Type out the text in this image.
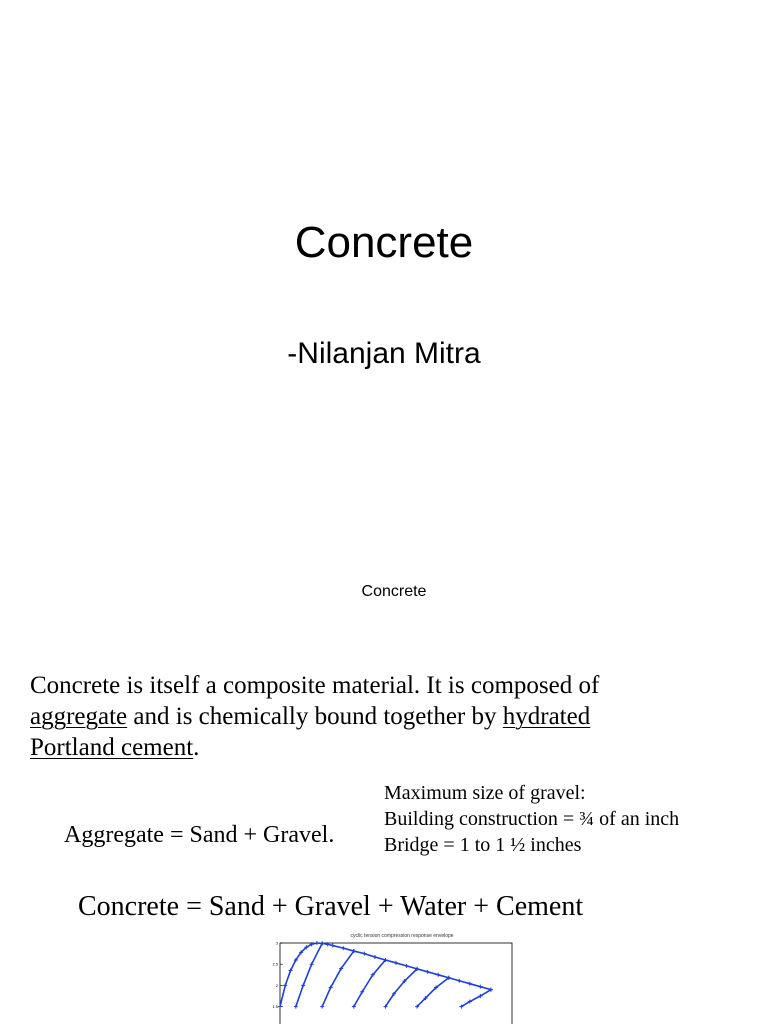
Concrete
-Nilanjan Mitra
Concrete
Concrete is itself a composite material. It is composed of
aggregate and is chemically bound together by hydrated
Portland cement.
Aggregate = Sand + Gravel.
Maximum size of gravel:
Building construction = ¾ of an inch
Bridge = 1 to 1 ½ inches
Concrete = Sand + Gravel + Water + Cement
cyclic tension compression response envelope
3
2.5
2
1.5
